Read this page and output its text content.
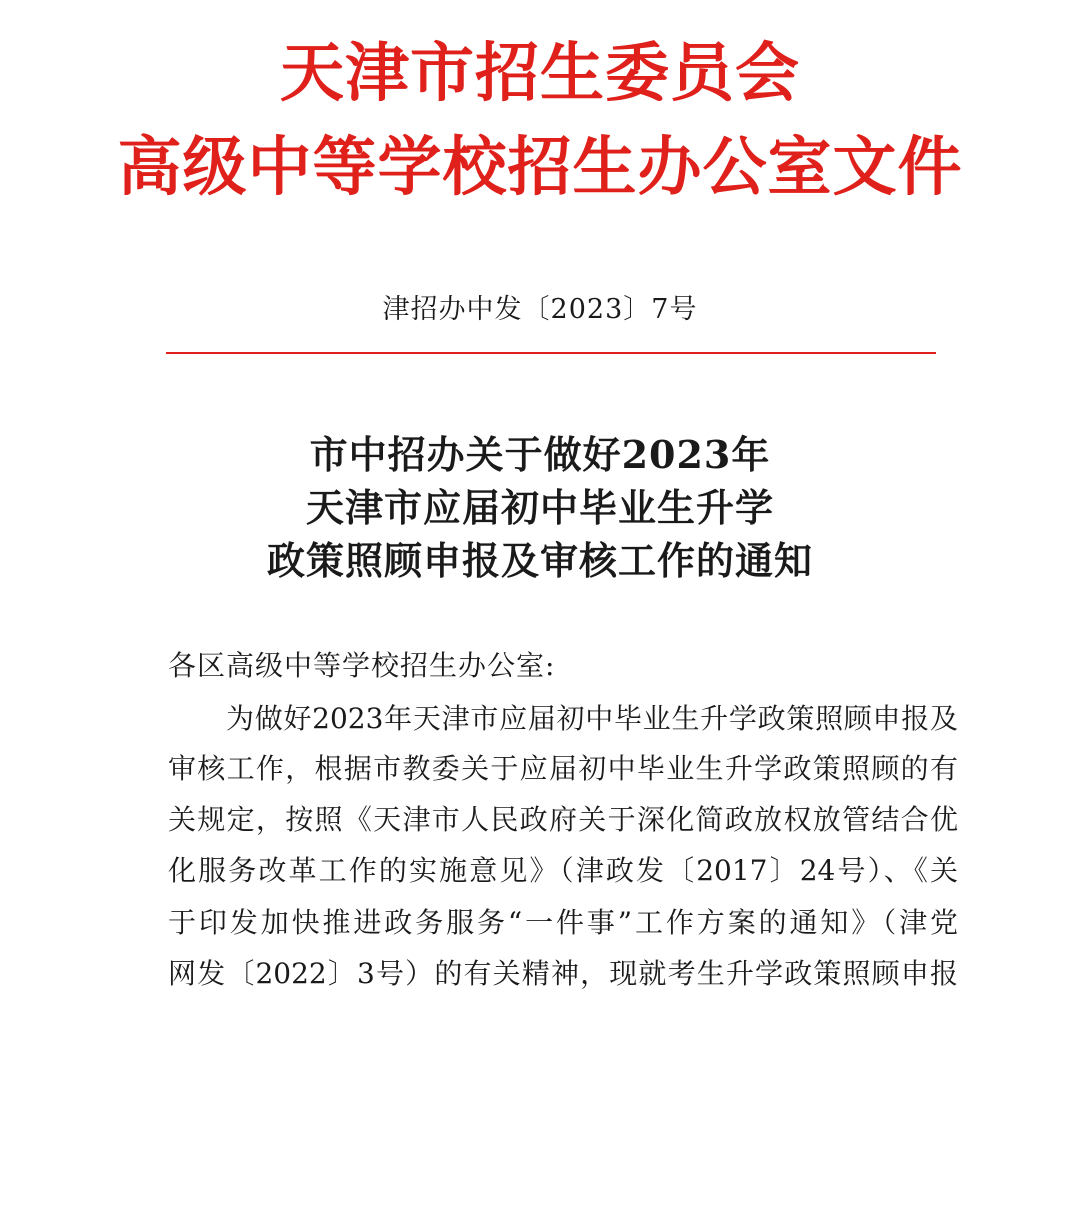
天津市招生委员会
高级中等学校招生办公室文件
津招办中发〔2023〕7号
市中招办关于做好2023年
天津市应届初中毕业生升学
政策照顾申报及审核工作的通知
各区高级中等学校招生办公室:
为做好2023年天津市应届初中毕业生升学政策照顾申报及
审核工作，根据市教委关于应届初中毕业生升学政策照顾的有
关规定，按照《天津市人民政府关于深化简政放权放管结合优
化服务改革工作的实施意见》（津政发〔2017〕24号）、《关
于印发加快推进政务服务“一件事”工作方案的通知》（津党
网发〔2022〕3号）的有关精神，现就考生升学政策照顾申报
